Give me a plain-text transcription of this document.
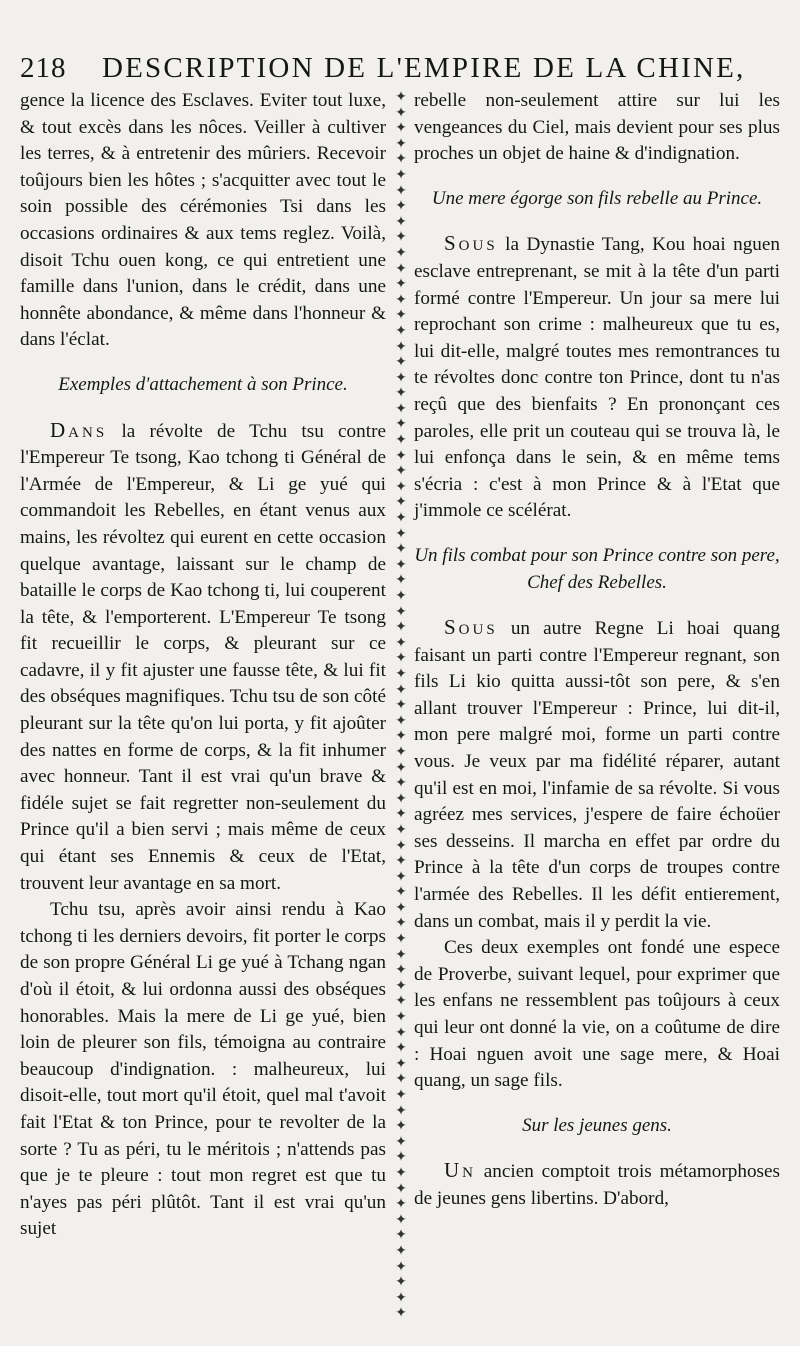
218 DESCRIPTION DE L'EMPIRE DE LA CHINE,

gence la licence des Esclaves. Eviter tout luxe, & tout excès dans les nôces. Veiller à cultiver les terres, & à entretenir des mûriers. Recevoir toûjours bien les hôtes ; s'acquitter avec tout le soin possible des cérémonies Tsi dans les occasions ordinaires & aux tems reglez. Voilà, disoit Tchu ouen kong, ce qui entretient une famille dans l'union, dans le crédit, dans une honnête abondance, & même dans l'honneur & dans l'éclat.

Exemples d'attachement à son Prince.

Dans la révolte de Tchu tsu contre l'Empereur Te tsong, Kao tchong ti Général de l'Armée de l'Empereur, & Li ge yué qui commandoit les Rebelles, en étant venus aux mains, les révoltez qui eurent en cette occasion quelque avantage, laissant sur le champ de bataille le corps de Kao tchong ti, lui couperent la tête, & l'emporterent. L'Empereur Te tsong fit recueillir le corps, & pleurant sur ce cadavre, il y fit ajuster une fausse tête, & lui fit des obséques magnifiques. Tchu tsu de son côté pleurant sur la tête qu'on lui porta, y fit ajoûter des nattes en forme de corps, & la fit inhumer avec honneur. Tant il est vrai qu'un brave & fidéle sujet se fait regretter non-seulement du Prince qu'il a bien servi ; mais même de ceux qui étant ses Ennemis & ceux de l'Etat, trouvent leur avantage en sa mort.

Tchu tsu, après avoir ainsi rendu à Kao tchong ti les derniers devoirs, fit porter le corps de son propre Général Li ge yué à Tchang ngan d'où il étoit, & lui ordonna aussi des obséques honorables. Mais la mere de Li ge yué, bien loin de pleurer son fils, témoigna au contraire beaucoup d'indignation. : malheureux, lui disoit-elle, tout mort qu'il étoit, quel mal t'avoit fait l'Etat & ton Prince, pour te revolter de la sorte ? Tu as péri, tu le méritois ; n'attends pas que je te pleure : tout mon regret est que tu n'ayes pas péri plûtôt. Tant il est vrai qu'un sujet

✦
✦
✦
✦
✦
✦
✦
✦
✦
✦
✦
✦
✦
✦
✦
✦
✦
✦
✦
✦
✦
✦
✦
✦
✦
✦
✦
✦
✦
✦
✦
✦
✦
✦
✦
✦
✦
✦
✦
✦
✦
✦
✦
✦
✦
✦
✦
✦
✦
✦
✦
✦
✦
✦
✦
✦
✦
✦
✦
✦
✦
✦
✦
✦
✦
✦
✦
✦
✦
✦
✦
✦
✦
✦
✦
✦
✦
✦
✦

rebelle non-seulement attire sur lui les vengeances du Ciel, mais devient pour ses plus proches un objet de haine & d'indignation.

Une mere égorge son fils rebelle au Prince.

Sous la Dynastie Tang, Kou hoai nguen esclave entreprenant, se mit à la tête d'un parti formé contre l'Empereur. Un jour sa mere lui reprochant son crime : malheureux que tu es, lui dit-elle, malgré toutes mes remontrances tu te révoltes donc contre ton Prince, dont tu n'as reçû que des bienfaits ? En prononçant ces paroles, elle prit un couteau qui se trouva là, le lui enfonça dans le sein, & en même tems s'écria : c'est à mon Prince & à l'Etat que j'immole ce scélérat.

Un fils combat pour son Prince contre son pere,
Chef des Rebelles.

Sous un autre Regne Li hoai quang faisant un parti contre l'Empereur regnant, son fils Li kio quitta aussi-tôt son pere, & s'en allant trouver l'Empereur : Prince, lui dit-il, mon pere malgré moi, forme un parti contre vous. Je veux par ma fidélité réparer, autant qu'il est en moi, l'infamie de sa révolte. Si vous agréez mes services, j'espere de faire échoüer ses desseins. Il marcha en effet par ordre du Prince à la tête d'un corps de troupes contre l'armée des Rebelles. Il les défit entierement, dans un combat, mais il y perdit la vie.

Ces deux exemples ont fondé une espece de Proverbe, suivant lequel, pour exprimer que les enfans ne ressemblent pas toûjours à ceux qui leur ont donné la vie, on a coûtume de dire : Hoai nguen avoit une sage mere, & Hoai quang, un sage fils.

Sur les jeunes gens.

Un ancien comptoit trois métamorphoses de jeunes gens libertins. D'abord,
